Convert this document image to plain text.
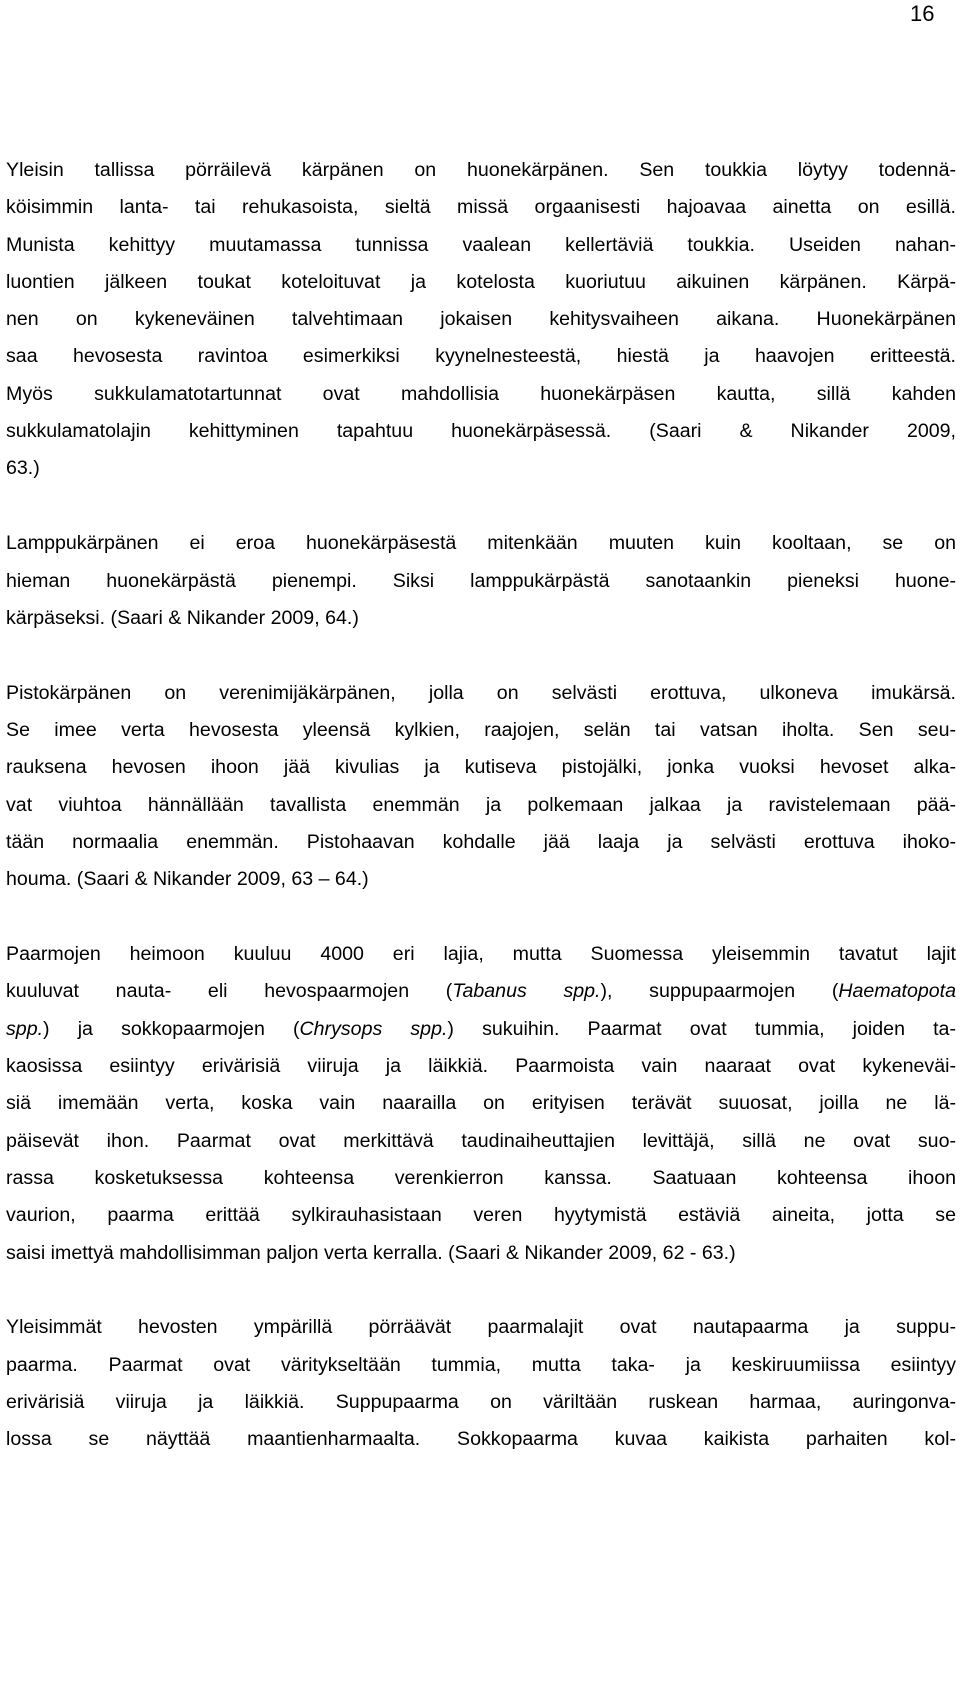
16
Yleisin tallissa pörräilevä kärpänen on huonekärpänen. Sen toukkia löytyy todennä-
köisimmin lanta- tai rehukasoista, sieltä missä orgaanisesti hajoavaa ainetta on esillä.
Munista kehittyy muutamassa tunnissa vaalean kellertäviä toukkia. Useiden nahan-
luontien jälkeen toukat koteloituvat ja kotelosta kuoriutuu aikuinen kärpänen. Kärpä-
nen on kykeneväinen talvehtimaan jokaisen kehitysvaiheen aikana. Huonekärpänen
saa hevosesta ravintoa esimerkiksi kyynelnesteestä, hiestä ja haavojen eritteestä.
Myös sukkulamatotartunnat ovat mahdollisia huonekärpäsen kautta, sillä kahden
sukkulamatolajin kehittyminen tapahtuu huonekärpäsessä. (Saari & Nikander 2009,
63.)
Lamppukärpänen ei eroa huonekärpäsestä mitenkään muuten kuin kooltaan, se on
hieman huonekärpästä pienempi. Siksi lamppukärpästä sanotaankin pieneksi huone-
kärpäseksi. (Saari & Nikander 2009, 64.)
Pistokärpänen on verenimijäkärpänen, jolla on selvästi erottuva, ulkoneva imukärsä.
Se imee verta hevosesta yleensä kylkien, raajojen, selän tai vatsan iholta. Sen seu-
rauksena hevosen ihoon jää kivulias ja kutiseva pistojälki, jonka vuoksi hevoset alka-
vat viuhtoa hännällään tavallista enemmän ja polkemaan jalkaa ja ravistelemaan pää-
tään normaalia enemmän. Pistohaavan kohdalle jää laaja ja selvästi erottuva ihoko-
houma. (Saari & Nikander 2009, 63 – 64.)
Paarmojen heimoon kuuluu 4000 eri lajia, mutta Suomessa yleisemmin tavatut lajit
kuuluvat nauta- eli hevospaarmojen (Tabanus spp.), suppupaarmojen (Haematopota
spp.) ja sokkopaarmojen (Chrysops spp.) sukuihin. Paarmat ovat tummia, joiden ta-
kaosissa esiintyy erivärisiä viiruja ja läikkiä. Paarmoista vain naaraat ovat kykeneväi-
siä imemään verta, koska vain naarailla on erityisen terävät suuosat, joilla ne lä-
päisevät ihon. Paarmat ovat merkittävä taudinaiheuttajien levittäjä, sillä ne ovat suo-
rassa kosketuksessa kohteensa verenkierron kanssa. Saatuaan kohteensa ihoon
vaurion, paarma erittää sylkirauhasistaan veren hyytymistä estäviä aineita, jotta se
saisi imettyä mahdollisimman paljon verta kerralla. (Saari & Nikander 2009, 62 - 63.)
Yleisimmät hevosten ympärillä pörräävät paarmalajit ovat nautapaarma ja suppu-
paarma. Paarmat ovat väritykseltään tummia, mutta taka- ja keskiruumiissa esiintyy
erivärisiä viiruja ja läikkiä. Suppupaarma on väriltään ruskean harmaa, auringonva-
lossa se näyttää maantienharmaalta. Sokkopaarma kuvaa kaikista parhaiten kol-
